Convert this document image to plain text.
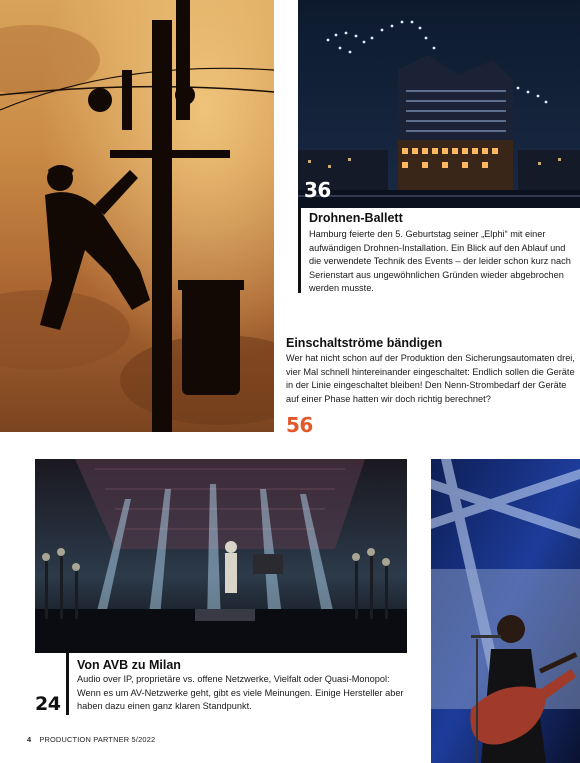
36
Drohnen-Ballett
Hamburg feierte den 5. Geburtstag seiner „Elphi“ mit einer aufwändigen Drohnen-Installation. Ein Blick auf den Ablauf und die verwendete Technik des Events – der leider schon kurz nach Serienstart aus ungewöhnlichen Gründen wieder abgebrochen werden musste.
Einschaltströme bändigen
Wer hat nicht schon auf der Produktion den Sicherungsautomaten drei, vier Mal schnell hintereinander eingeschaltet: Endlich sollen die Geräte in der Linie eingeschaltet bleiben! Den Nenn-Strombedarf der Geräte auf einer Phase hatten wir doch richtig berechnet?
56
Von AVB zu Milan
Audio over IP, proprietäre vs. offene Netzwerke, Vielfalt oder Quasi-Monopol: Wenn es um AV-Netzwerke geht, gibt es viele Meinungen. Einige Hersteller aber haben dazu einen ganz klaren Standpunkt.
24
4 PRODUCTION PARTNER 5/2022
